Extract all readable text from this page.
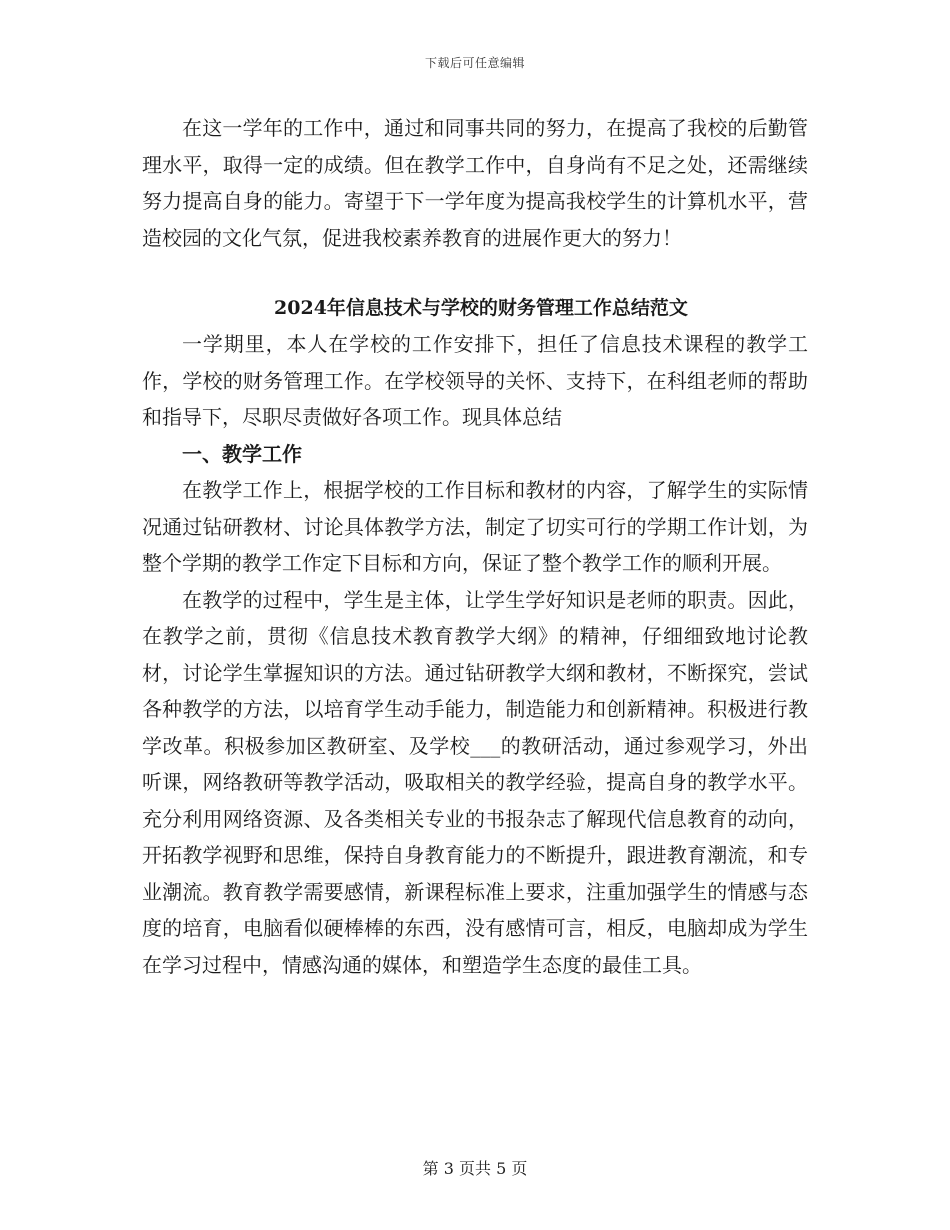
下载后可任意编辑

在这一学年的工作中，通过和同事共同的努力，在提高了我校的后勤管理水平，取得一定的成绩。但在教学工作中，自身尚有不足之处，还需继续努力提高自身的能力。寄望于下一学年度为提高我校学生的计算机水平，营造校园的文化气氛，促进我校素养教育的进展作更大的努力！

2024年信息技术与学校的财务管理工作总结范文

一学期里，本人在学校的工作安排下，担任了信息技术课程的教学工作，学校的财务管理工作。在学校领导的关怀、支持下，在科组老师的帮助和指导下，尽职尽责做好各项工作。现具体总结

一、教学工作

在教学工作上，根据学校的工作目标和教材的内容，了解学生的实际情况通过钻研教材、讨论具体教学方法，制定了切实可行的学期工作计划，为整个学期的教学工作定下目标和方向，保证了整个教学工作的顺利开展。

在教学的过程中，学生是主体，让学生学好知识是老师的职责。因此，在教学之前，贯彻《信息技术教育教学大纲》的精神，仔细细致地讨论教材，讨论学生掌握知识的方法。通过钻研教学大纲和教材，不断探究，尝试各种教学的方法，以培育学生动手能力，制造能力和创新精神。积极进行教学改革。积极参加区教研室、及学校___的教研活动，通过参观学习，外出听课，网络教研等教学活动，吸取相关的教学经验，提高自身的教学水平。充分利用网络资源、及各类相关专业的书报杂志了解现代信息教育的动向，开拓教学视野和思维，保持自身教育能力的不断提升，跟进教育潮流，和专业潮流。教育教学需要感情，新课程标准上要求，注重加强学生的情感与态度的培育，电脑看似硬棒棒的东西，没有感情可言，相反，电脑却成为学生在学习过程中，情感沟通的媒体，和塑造学生态度的最佳工具。

第 3 页共 5 页
